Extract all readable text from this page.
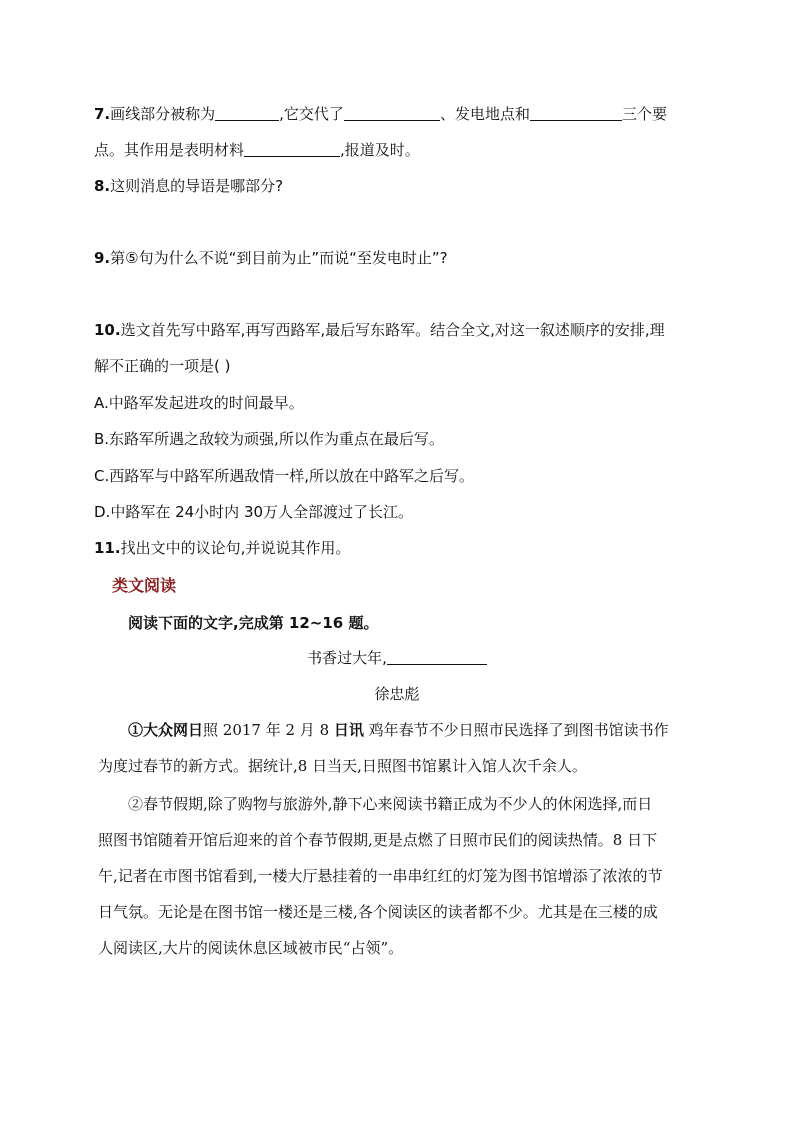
7.画线部分被称为	,它交代了	、发电地点和	三个要
点。其作用是表明材料	,报道及时。
8.这则消息的导语是哪部分?
9.第⑤句为什么不说“到目前为止”而说“至发电时止”?
10.选文首先写中路军,再写西路军,最后写东路军。结合全文,对这一叙述顺序的安排,理
解不正确的一项是( )
A.中路军发起进攻的时间最早。
B.东路军所遇之敌较为顽强,所以作为重点在最后写。
C.西路军与中路军所遇敌情一样,所以放在中路军之后写。
D.中路军在 24小时内 30万人全部渡过了长江。
11.找出文中的议论句,并说说其作用。
类文阅读
阅读下面的文字,完成第 12~16 题。
书香过大年,
徐忠彪
①大众网日照 2017 年 2 月 8 日讯 鸡年春节不少日照市民选择了到图书馆读书作
为度过春节的新方式。据统计,8 日当天,日照图书馆累计入馆人次千余人。
②春节假期,除了购物与旅游外,静下心来阅读书籍正成为不少人的休闲选择,而日
照图书馆随着开馆后迎来的首个春节假期,更是点燃了日照市民们的阅读热情。8 日下
午,记者在市图书馆看到,一楼大厅悬挂着的一串串红红的灯笼为图书馆增添了浓浓的节
日气氛。无论是在图书馆一楼还是三楼,各个阅读区的读者都不少。尤其是在三楼的成
人阅读区,大片的阅读休息区域被市民“占领”。
